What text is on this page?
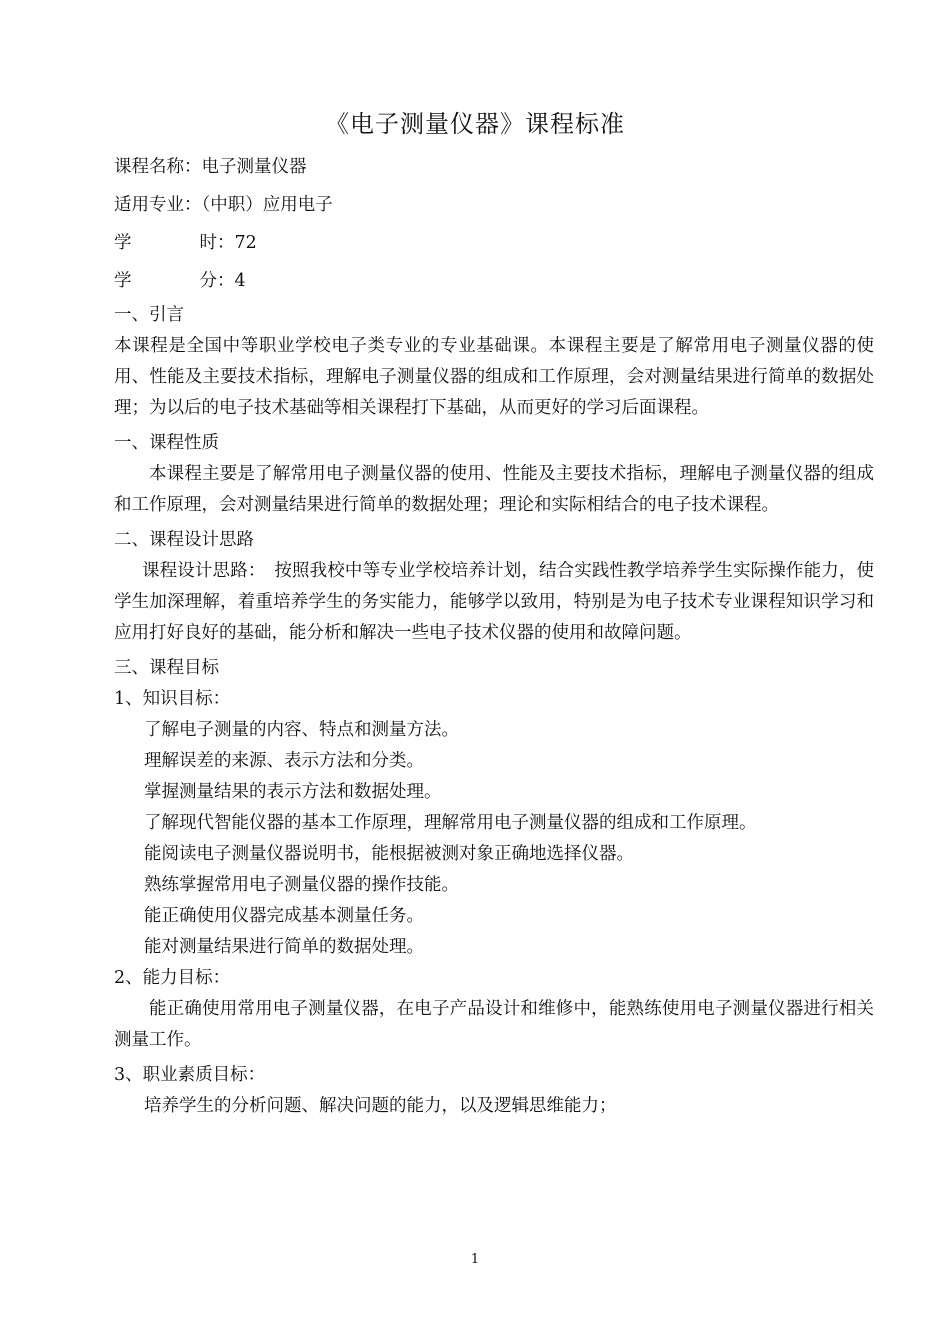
《电子测量仪器》课程标准

课程名称：电子测量仪器

适用专业：（中职）应用电子

学	时：72

学	分：4

一、引言

本课程是全国中等职业学校电子类专业的专业基础课。本课程主要是了解常用电子测量仪器的使用、性能及主要技术指标，理解电子测量仪器的组成和工作原理，会对测量结果进行简单的数据处理；为以后的电子技术基础等相关课程打下基础，从而更好的学习后面课程。

一、课程性质

本课程主要是了解常用电子测量仪器的使用、性能及主要技术指标，理解电子测量仪器的组成和工作原理，会对测量结果进行简单的数据处理；理论和实际相结合的电子技术课程。

二、课程设计思路

课程设计思路：　按照我校中等专业学校培养计划，结合实践性教学培养学生实际操作能力，使学生加深理解，着重培养学生的务实能力，能够学以致用，特别是为电子技术专业课程知识学习和应用打好良好的基础，能分析和解决一些电子技术仪器的使用和故障问题。

三、课程目标

1、知识目标：

了解电子测量的内容、特点和测量方法。

理解误差的来源、表示方法和分类。

掌握测量结果的表示方法和数据处理。

了解现代智能仪器的基本工作原理，理解常用电子测量仪器的组成和工作原理。

能阅读电子测量仪器说明书，能根据被测对象正确地选择仪器。

熟练掌握常用电子测量仪器的操作技能。

能正确使用仪器完成基本测量任务。

能对测量结果进行简单的数据处理。

2、能力目标：

能正确使用常用电子测量仪器，在电子产品设计和维修中，能熟练使用电子测量仪器进行相关测量工作。

3、职业素质目标：

培养学生的分析问题、解决问题的能力，以及逻辑思维能力；

1
